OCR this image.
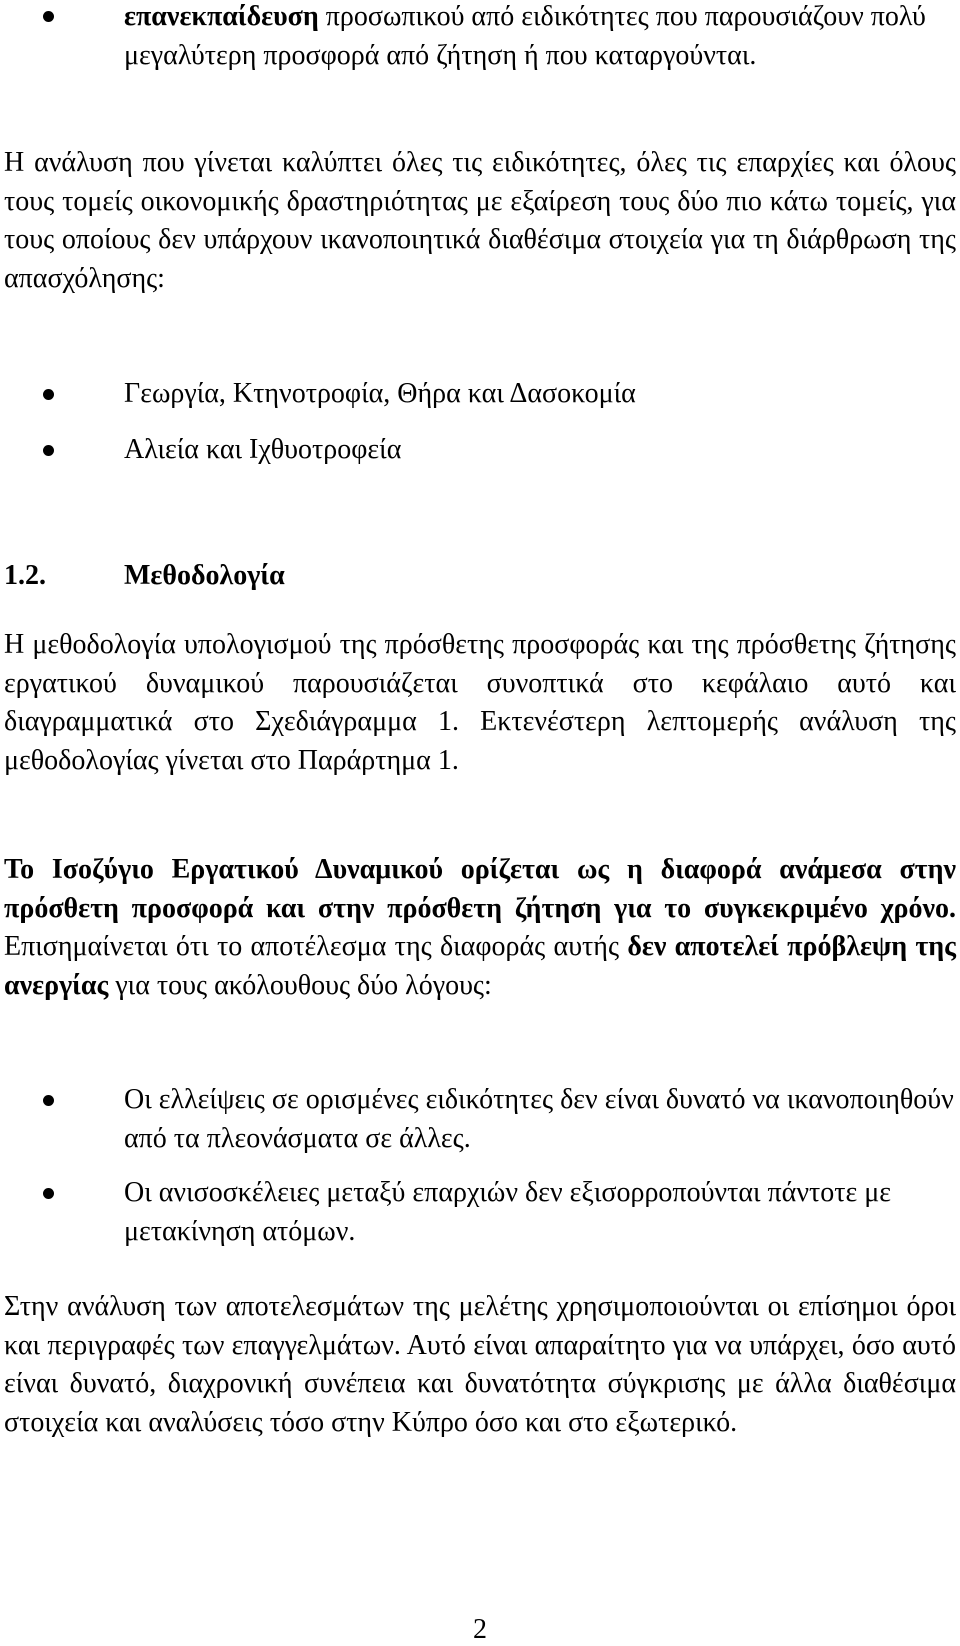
επανεκπαίδευση προσωπικού από ειδικότητες που παρουσιάζουν πολύ μεγαλύτερη προσφορά από ζήτηση ή που καταργούνται.

Η ανάλυση που γίνεται καλύπτει όλες τις ειδικότητες, όλες τις επαρχίες και όλους τους τομείς οικονομικής δραστηριότητας με εξαίρεση τους δύο πιο κάτω τομείς, για τους οποίους δεν υπάρχουν ικανοποιητικά διαθέσιμα στοιχεία για τη διάρθρωση της απασχόλησης:

Γεωργία, Κτηνοτροφία, Θήρα και Δασοκομία
Αλιεία και Ιχθυοτροφεία
1.2.	Μεθοδολογία

Η μεθοδολογία υπολογισμού της πρόσθετης προσφοράς και της πρόσθετης ζήτησης εργατικού δυναμικού παρουσιάζεται συνοπτικά στο κεφάλαιο αυτό και διαγραμματικά στο Σχεδιάγραμμα 1. Εκτενέστερη λεπτομερής ανάλυση της μεθοδολογίας γίνεται στο Παράρτημα 1.

Το Ισοζύγιο Εργατικού Δυναμικού ορίζεται ως η διαφορά ανάμεσα στην πρόσθετη προσφορά και στην πρόσθετη ζήτηση για το συγκεκριμένο χρόνο. Επισημαίνεται ότι το αποτέλεσμα της διαφοράς αυτής δεν αποτελεί πρόβλεψη της ανεργίας για τους ακόλουθους δύο λόγους:

Οι ελλείψεις σε ορισμένες ειδικότητες δεν είναι δυνατό να ικανοποιηθούν από τα πλεονάσματα σε άλλες.
Οι ανισοσκέλειες μεταξύ επαρχιών δεν εξισορροπούνται πάντοτε με μετακίνηση ατόμων.

Στην ανάλυση των αποτελεσμάτων της μελέτης χρησιμοποιούνται οι επίσημοι όροι και περιγραφές των επαγγελμάτων. Αυτό είναι απαραίτητο για να υπάρχει, όσο αυτό είναι δυνατό, διαχρονική συνέπεια και δυνατότητα σύγκρισης με άλλα διαθέσιμα στοιχεία και αναλύσεις τόσο στην Κύπρο όσο και στο εξωτερικό.

2
